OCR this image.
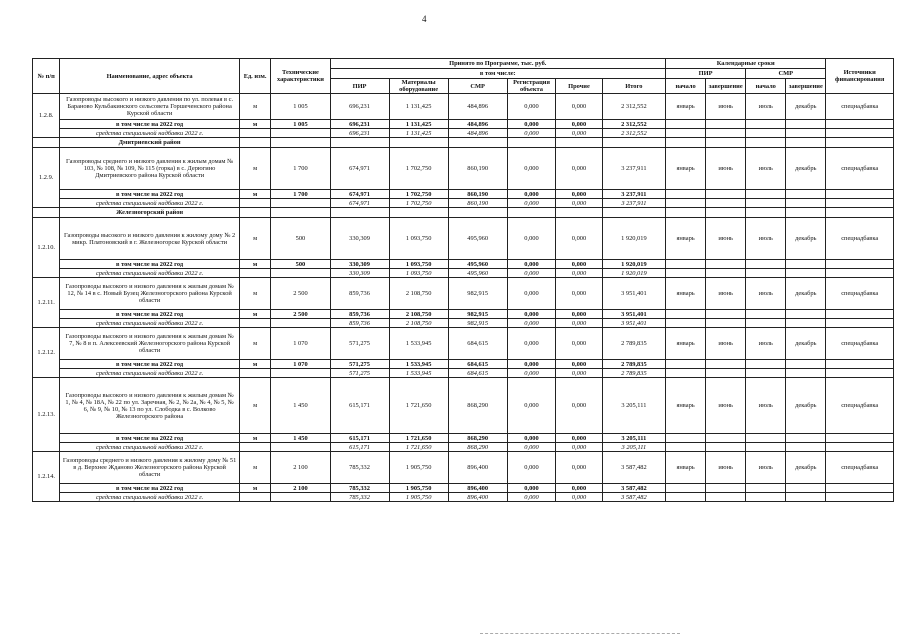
4
№ п/п	Наименование, адрес объекта	Ед. изм.	Технические характеристики	Принято по Программе, тыс. руб.						Календарные сроки				Источники финансирования
				в том числе:						ПИР		СМР		
				ПИР	Материалы оборудование	СМР	Регистрация объекта	Прочие	Итого	начало	завершение	начало	завершение	
1.2.8.	Газопроводы высокого и низкого давления по ул. полевая в с. Бараново Кульбакинского сельсовета Горшеченского района Курской области	м	1 005	696,231	1 131,425	484,896	0,000	0,000	2 312,552	январь	июнь	июль	декабрь	спецнадбавка
	в том числе на 2022 год	м	1 005	696,231	1 131,425	484,896	0,000	0,000	2 312,552					
	средства специальной надбавки 2022 г.			696,231	1 131,425	484,896	0,000	0,000	2 312,552					
	Дмитриевский район													
1.2.9.	Газопроводы среднего и низкого давления к жилым домам № 103, № 108, № 109, № 115 (горка) в с. Дерюгино Дмитриевского района Курской области	м	1 700	674,971	1 702,750	860,190	0,000	0,000	3 237,911	январь	июнь	июль	декабрь	спецнадбавка
	в том числе на 2022 год	м	1 700	674,971	1 702,750	860,190	0,000	0,000	3 237,911					
	средства специальной надбавки 2022 г.			674,971	1 702,750	860,190	0,000	0,000	3 237,911					
	Железногорский район													
1.2.10.	Газопроводы высокого и низкого давления к жилому дому № 2 микр. Платоновский в г. Железногорске Курской области	м	500	330,309	1 093,750	495,960	0,000	0,000	1 920,019	январь	июнь	июль	декабрь	спецнадбавка
	в том числе на 2022 год	м	500	330,309	1 093,750	495,960	0,000	0,000	1 920,019					
	средства специальной надбавки 2022 г.			330,309	1 093,750	495,960	0,000	0,000	1 920,019					
1.2.11.	Газопроводы высокого и низкого давления к жилым домам № 12, № 14 в с. Новый Бузец Железногорского района Курской области	м	2 500	859,736	2 108,750	982,915	0,000	0,000	3 951,401	январь	июнь	июль	декабрь	спецнадбавка
	в том числе на 2022 год	м	2 500	859,736	2 108,750	982,915	0,000	0,000	3 951,401					
	средства специальной надбавки 2022 г.			859,736	2 108,750	982,915	0,000	0,000	3 951,401					
1.2.12.	Газопроводы высокого и низкого давления к жилым домам № 7, № 8 в п. Алексеевский Железногорского района Курской области	м	1 070	571,275	1 533,945	684,615	0,000	0,000	2 789,835	январь	июнь	июль	декабрь	спецнадбавка
	в том числе на 2022 год	м	1 070	571,275	1 533,945	684,615	0,000	0,000	2 789,835					
	средства специальной надбавки 2022 г.			571,275	1 533,945	684,615	0,000	0,000	2 789,835					
1.2.13.	Газопроводы высокого и низкого давления к жилым домам № 1, № 4, № 18А, № 22 по ул. Заречная, № 2, № 2а, № 4, № 5, № 6, № 9, № 10, № 13 по ул. Слободка в с. Волково Железногорского района	м	1 450	615,171	1 721,650	868,290	0,000	0,000	3 205,111	январь	июнь	июль	декабрь	спецнадбавка
	в том числе на 2022 год	м	1 450	615,171	1 721,650	868,290	0,000	0,000	3 205,111					
	средства специальной надбавки 2022 г.			615,171	1 721,650	868,290	0,000	0,000	3 205,111					
1.2.14.	Газопроводы среднего и низкого давления к жилому дому № 51 в д. Верхнее Жданово Железногорского района Курской области	м	2 100	785,332	1 905,750	896,400	0,000	0,000	3 587,482	январь	июнь	июль	декабрь	спецнадбавка
	в том числе на 2022 год	м	2 100	785,332	1 905,750	896,400	0,000	0,000	3 587,482					
	средства специальной надбавки 2022 г.			785,332	1 905,750	896,400	0,000	0,000	3 587,482					
